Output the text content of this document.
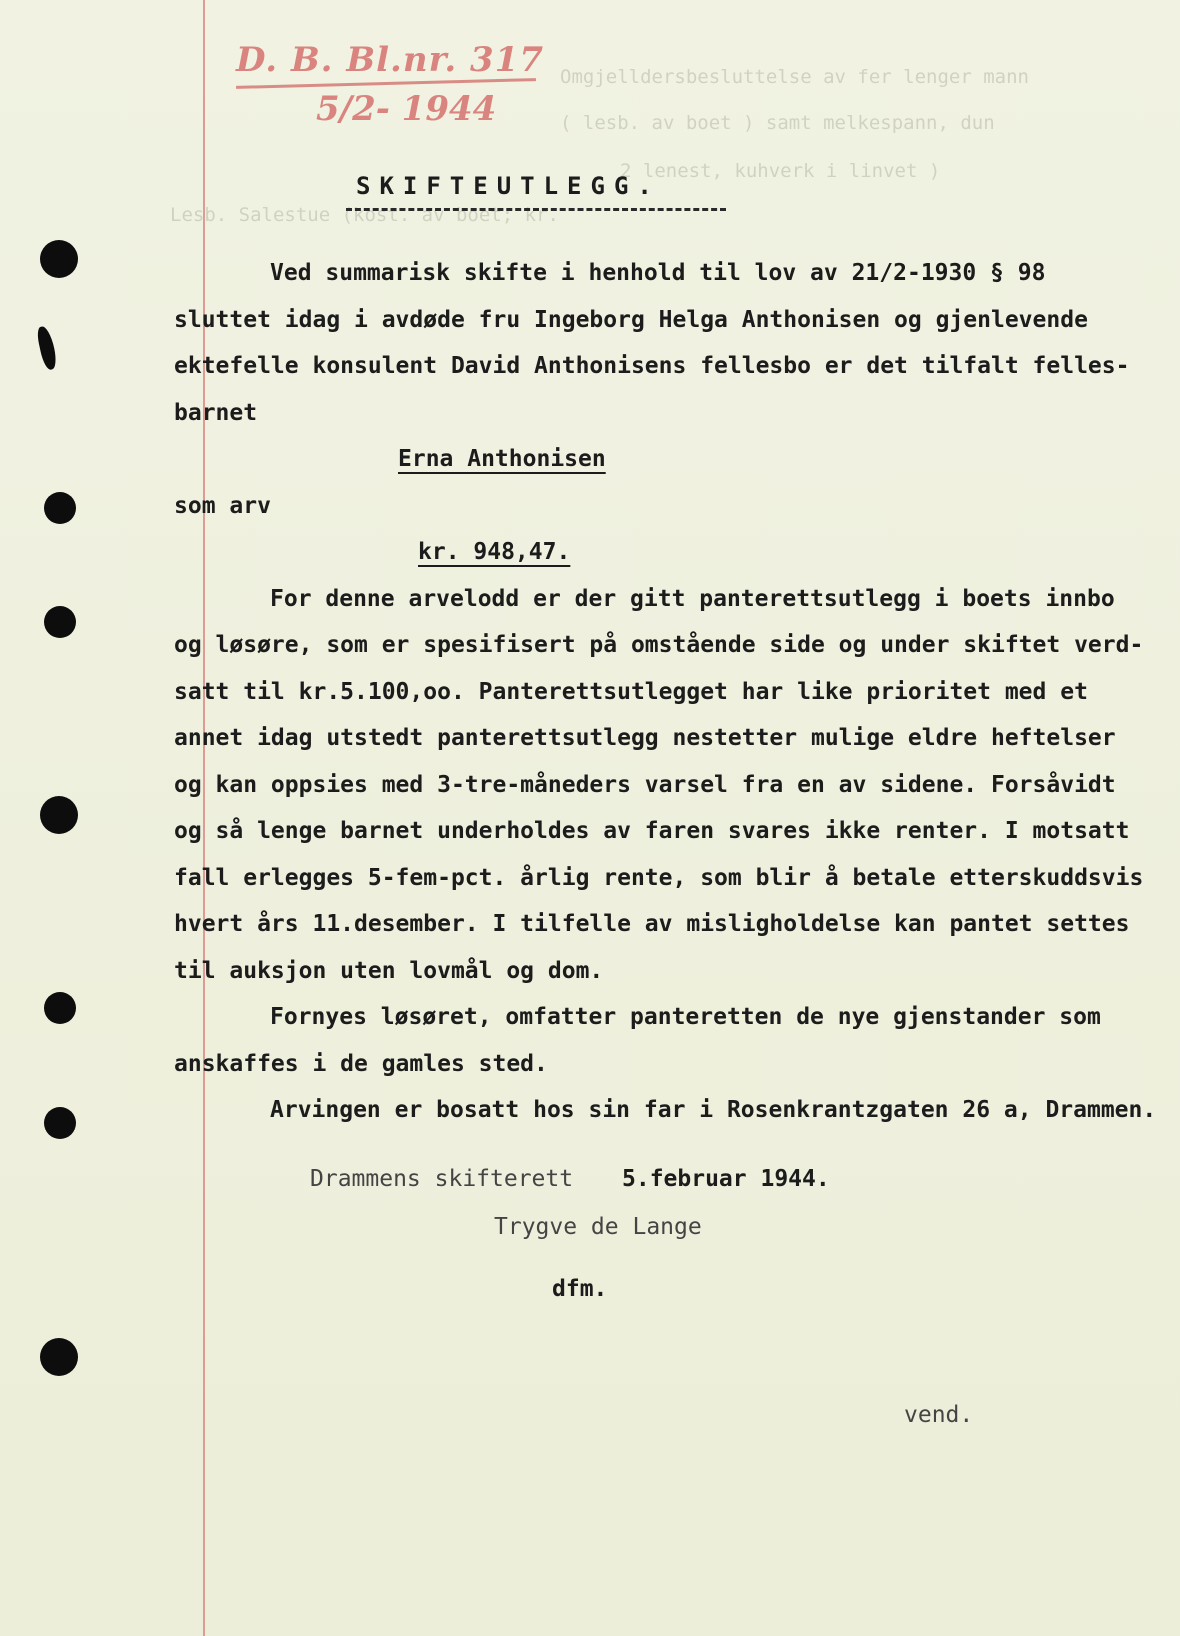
Omgjelldersbesluttelse av fer lenger mann
( lesb. av boet ) samt melkespann, dun
2 lenest, kuhverk i linvet )
Lesb. Salestue (kost. av boet; kr.
D. B. Bl.nr. 317
5/2- 1944
SKIFTEUTLEGG.

Ved summarisk skifte i henhold til lov av 21/2-1930 § 98

sluttet idag i avdøde fru Ingeborg Helga Anthonisen og gjenlevende

ektefelle konsulent David Anthonisens fellesbo er det tilfalt felles-

barnet

Erna Anthonisen

som arv

kr. 948,47.

For denne arvelodd er der gitt panterettsutlegg i boets innbo

og løsøre, som er spesifisert på omstående side og under skiftet verd-

satt til kr.5.100,oo. Panterettsutlegget har like prioritet med et

annet idag utstedt panterettsutlegg nestetter mulige eldre heftelser

og kan oppsies med 3-tre-måneders varsel fra en av sidene. Forsåvidt

og så lenge barnet underholdes av faren svares ikke renter. I motsatt

fall erlegges 5-fem-pct. årlig rente, som blir å betale etterskuddsvis

hvert års 11.desember. I tilfelle av misligholdelse kan pantet settes

til auksjon uten lovmål og dom.

Fornyes løsøret, omfatter panteretten de nye gjenstander som

anskaffes i de gamles sted.

Arvingen er bosatt hos sin far i Rosenkrantzgaten 26 a, Drammen.

Drammens skifterett 5.februar 1944.
Trygve de Lange
dfm.
vend.
